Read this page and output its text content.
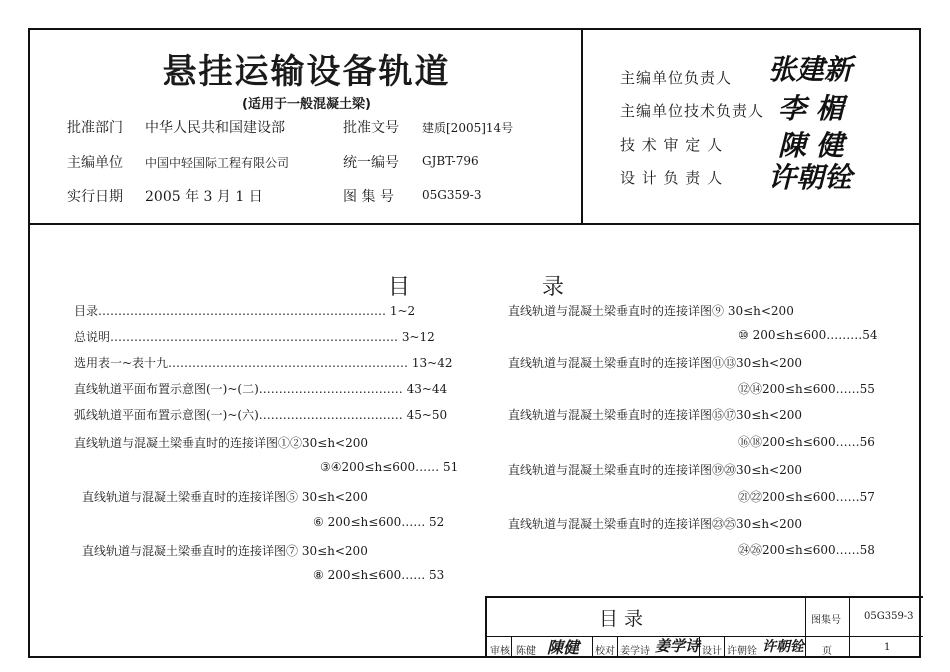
悬挂运输设备轨道
(适用于一般混凝土梁)
批准部门 中华人民共和国建设部	批准文号 建质[2005]14号
主编单位 中国中轻国际工程有限公司	统一编号 GJBT-796
实行日期 2005 年 3 月 1 日	图 集 号 05G359-3
主编单位负责人 张建新
主编单位技术负责人 李 楣
技 术 审 定 人 陳 健
设 计 负 责 人 许朝铨
目	录
目录……………………………………………………………… 1~2
总说明……………………………………………………………… 3~12
选用表一~表十九…………………………………………………… 13~42
直线轨道平面布置示意图(一)~(二)……………………………… 43~44
弧线轨道平面布置示意图(一)~(六)……………………………… 45~50
直线轨道与混凝土梁垂直时的连接详图①②30≤h<200
③④200≤h≤600…… 51
直线轨道与混凝土梁垂直时的连接详图⑤ 30≤h<200
⑥ 200≤h≤600…… 52
直线轨道与混凝土梁垂直时的连接详图⑦ 30≤h<200
⑧ 200≤h≤600…… 53
直线轨道与混凝土梁垂直时的连接详图⑨ 30≤h<200
⑩ 200≤h≤600………54
直线轨道与混凝土梁垂直时的连接详图⑪⑬30≤h<200
⑫⑭200≤h≤600……55
直线轨道与混凝土梁垂直时的连接详图⑮⑰30≤h<200
⑯⑱200≤h≤600……56
直线轨道与混凝土梁垂直时的连接详图⑲⑳30≤h<200
㉑㉒200≤h≤600……57
直线轨道与混凝土梁垂直时的连接详图㉓㉕30≤h<200
㉔㉖200≤h≤600……58
目 录	图集号 05G359-3
审核 陈健 陳健 校对 姜学诗 姜学诗 设计 许朝铨 许朝铨 页	1
